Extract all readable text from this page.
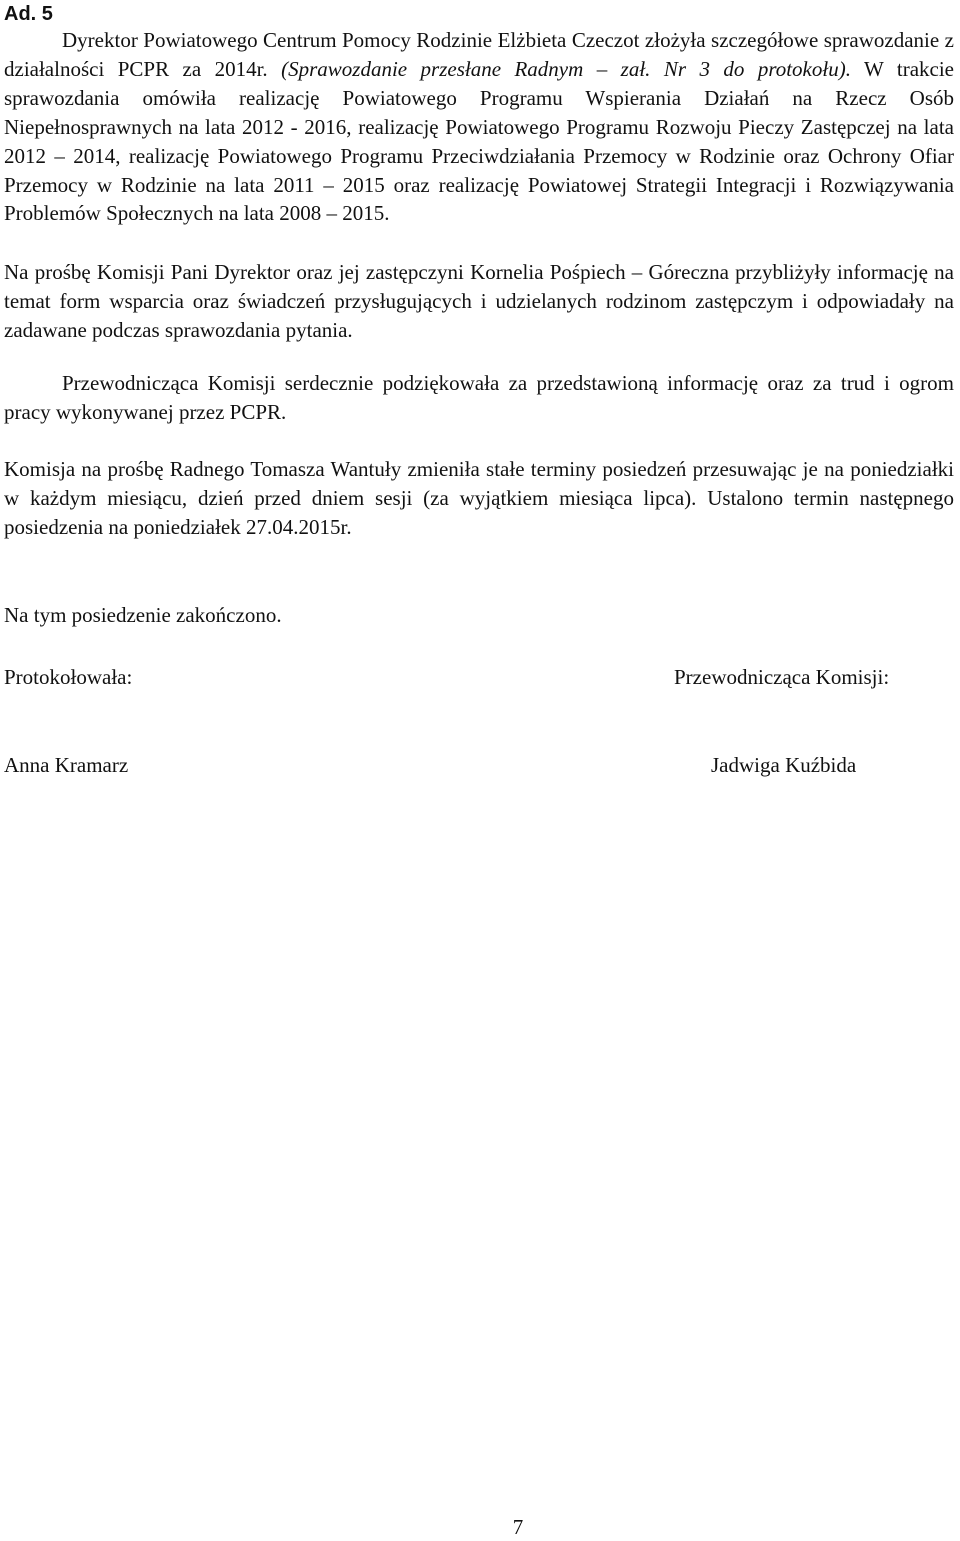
Ad. 5

Dyrektor Powiatowego Centrum Pomocy Rodzinie Elżbieta Czeczot złożyła szczegółowe sprawozdanie z działalności PCPR za 2014r. (Sprawozdanie przesłane Radnym – zał. Nr 3 do protokołu). W trakcie sprawozdania omówiła realizację Powiatowego Programu Wspierania Działań na Rzecz Osób Niepełnosprawnych na lata 2012 - 2016, realizację Powiatowego Programu Rozwoju Pieczy Zastępczej na lata 2012 – 2014, realizację Powiatowego Programu Przeciwdziałania Przemocy w Rodzinie oraz Ochrony Ofiar Przemocy w Rodzinie na lata 2011 – 2015 oraz realizację Powiatowej Strategii Integracji i Rozwiązywania Problemów Społecznych na lata 2008 – 2015.

Na prośbę Komisji Pani Dyrektor oraz jej zastępczyni Kornelia Pośpiech – Góreczna przybliżyły informację na temat form wsparcia oraz świadczeń przysługujących i udzielanych rodzinom zastępczym i odpowiadały na zadawane podczas sprawozdania pytania.

Przewodnicząca Komisji serdecznie podziękowała za przedstawioną informację oraz za trud i ogrom pracy wykonywanej przez PCPR.

Komisja na prośbę Radnego Tomasza Wantuły zmieniła stałe terminy posiedzeń przesuwając je na poniedziałki w każdym miesiącu, dzień przed dniem sesji (za wyjątkiem miesiąca lipca). Ustalono termin następnego posiedzenia na poniedziałek 27.04.2015r.

Na tym posiedzenie zakończono.
Protokołowała:	Przewodnicząca Komisji:
Anna Kramarz	Jadwiga Kuźbida
7
